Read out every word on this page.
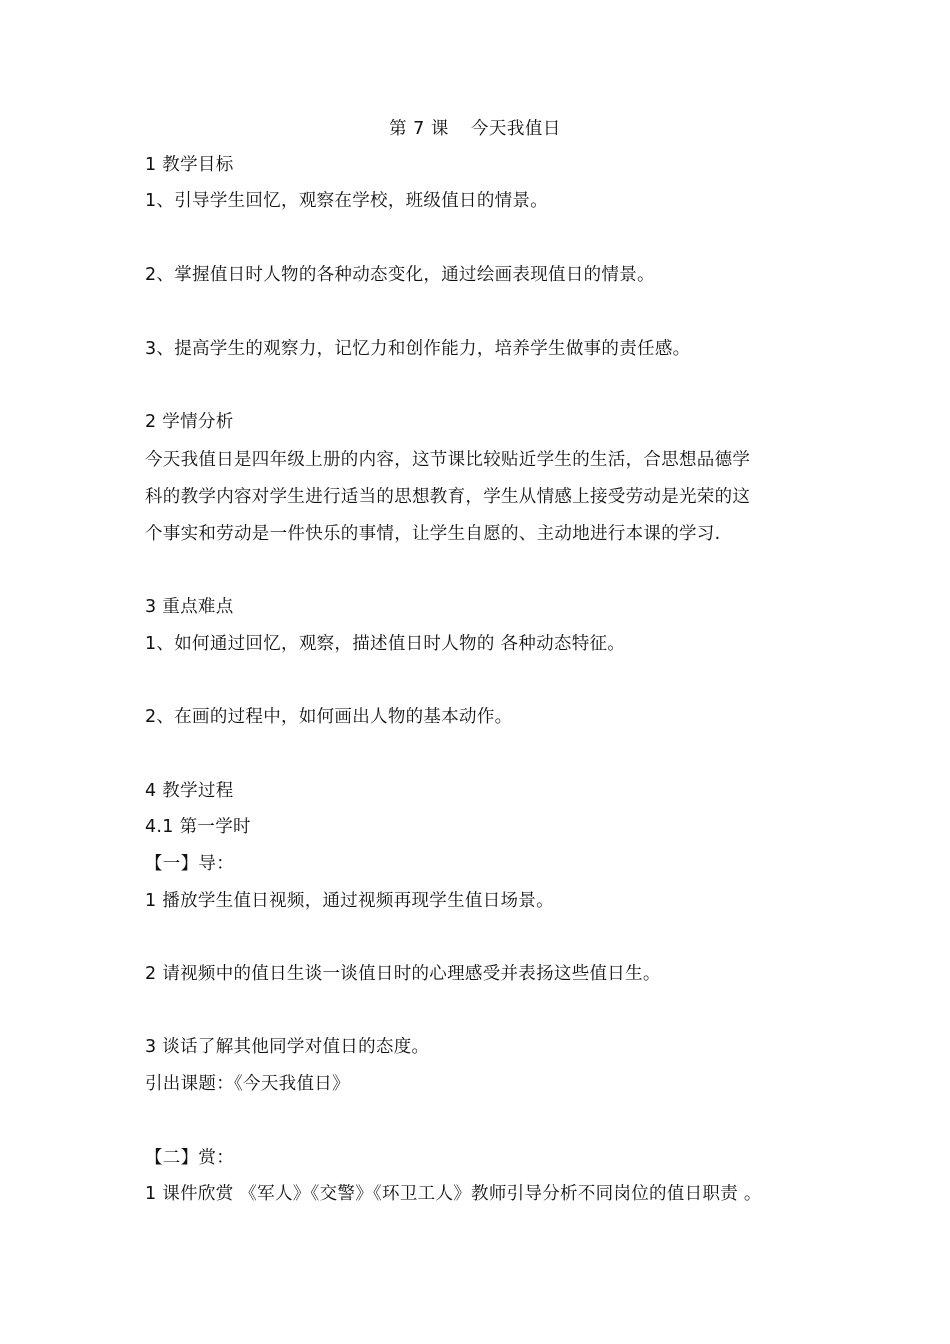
第 7 课 今天我值日
1 教学目标
1、引导学生回忆，观察在学校，班级值日的情景。
2、掌握值日时人物的各种动态变化，通过绘画表现值日的情景。
3、提高学生的观察力，记忆力和创作能力，培养学生做事的责任感。
2 学情分析
今天我值日是四年级上册的内容，这节课比较贴近学生的生活，合思想品德学
科的教学内容对学生进行适当的思想教育，学生从情感上接受劳动是光荣的这
个事实和劳动是一件快乐的事情，让学生自愿的、主动地进行本课的学习.
3 重点难点
1、如何通过回忆，观察，描述值日时人物的 各种动态特征。
2、在画的过程中，如何画出人物的基本动作。
4 教学过程
4.1 第一学时
【一】导：
1 播放学生值日视频，通过视频再现学生值日场景。
2 请视频中的值日生谈一谈值日时的心理感受并表扬这些值日生。
3 谈话了解其他同学对值日的态度。
引出课题：《今天我值日》
【二】赏：
1 课件欣赏 《军人》《交警》《环卫工人》教师引导分析不同岗位的值日职责 。
